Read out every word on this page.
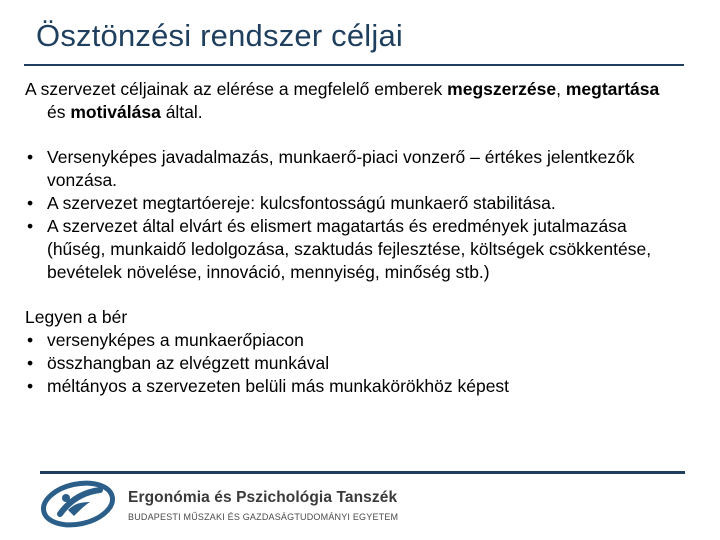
Ösztönzési rendszer céljai

A szervezet céljainak az elérése a megfelelő emberek megszerzése, megtartása és motiválása által.

• Versenyképes javadalmazás, munkaerő-piaci vonzerő – értékes jelentkezők vonzása.
• A szervezet megtartóereje: kulcsfontosságú munkaerő stabilitása.
• A szervezet által elvárt és elismert magatartás és eredmények jutalmazása (hűség, munkaidő ledolgozása, szaktudás fejlesztése, költségek csökkentése, bevételek növelése, innováció, mennyiség, minőség stb.)

Legyen a bér

• versenyképes a munkaerőpiacon
• összhangban az elvégzett munkával
• méltányos a szervezeten belüli más munkakörökhöz képest
Ergonómia és Pszichológia Tanszék
BUDAPESTI MŰSZAKI ÉS GAZDASÁGTUDOMÁNYI EGYETEM
